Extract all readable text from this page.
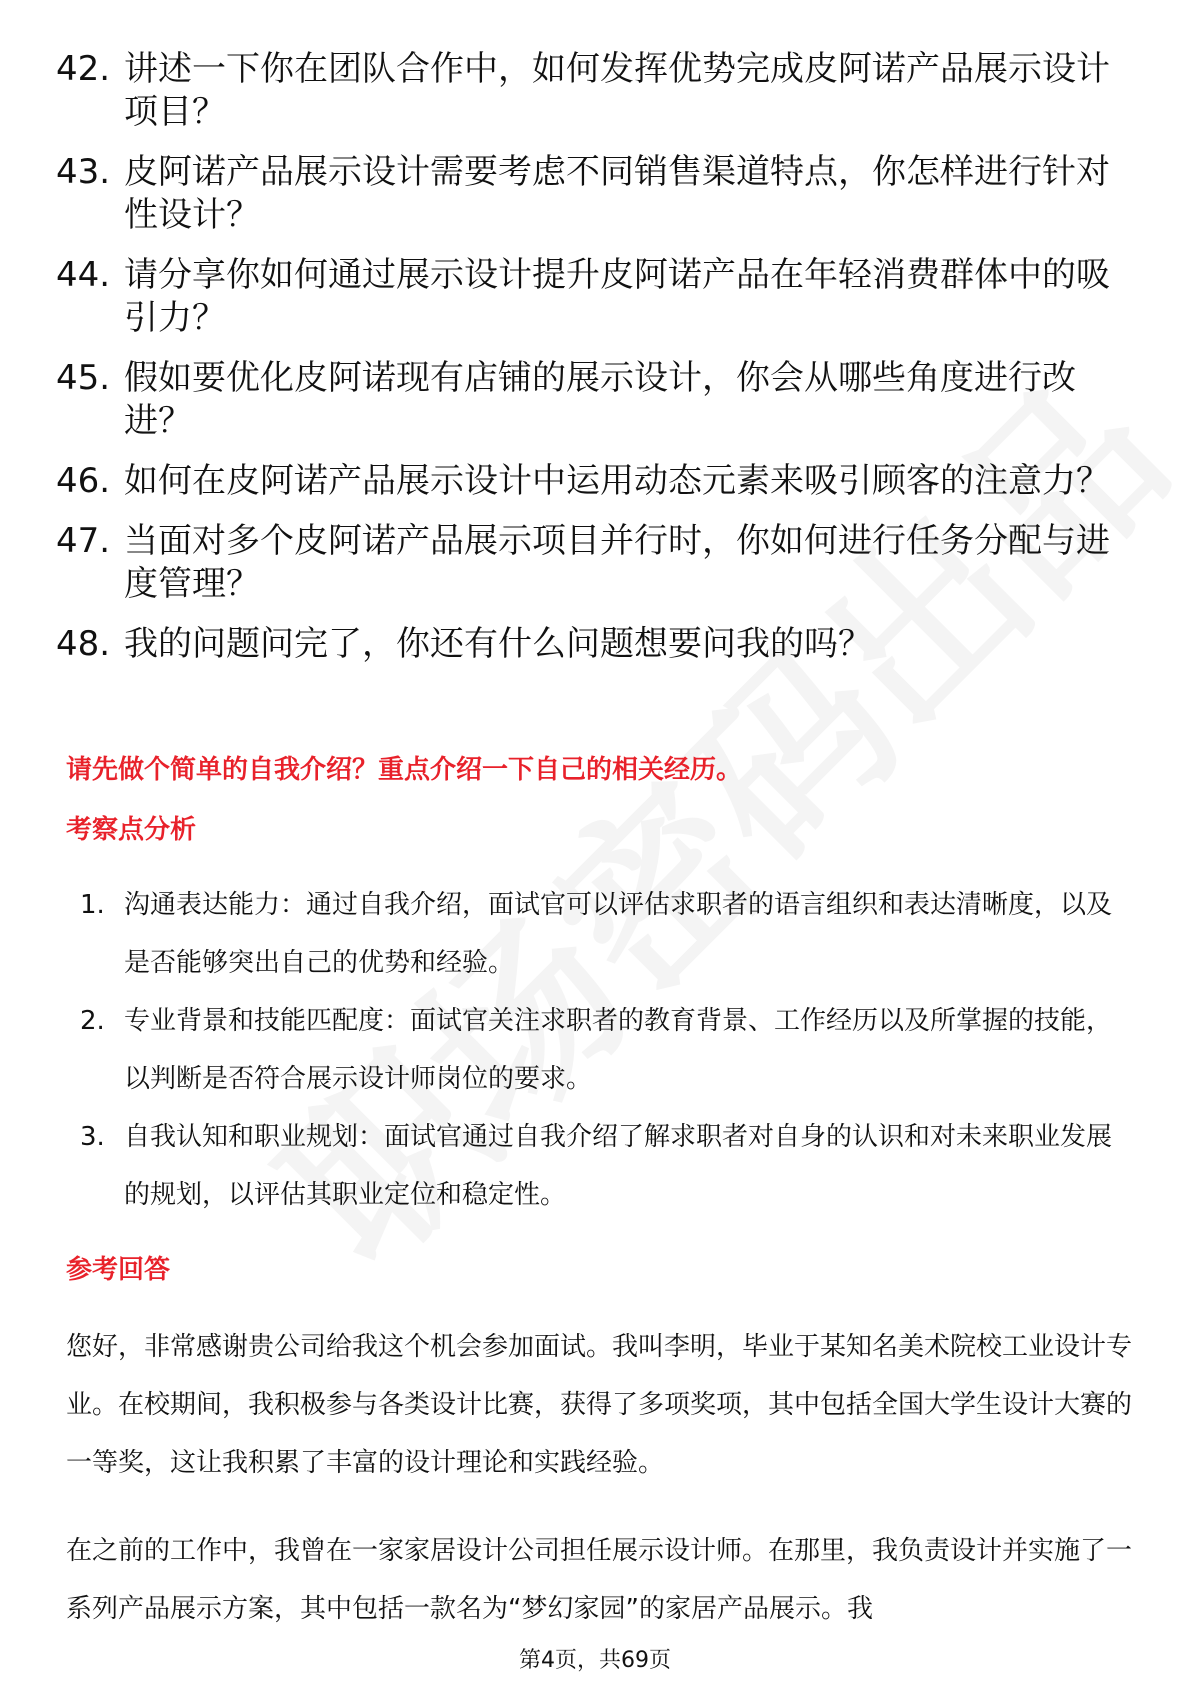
42. 讲述一下你在团队合作中，如何发挥优势完成皮阿诺产品展示设计项目？
43. 皮阿诺产品展示设计需要考虑不同销售渠道特点，你怎样进行针对性设计？
44. 请分享你如何通过展示设计提升皮阿诺产品在年轻消费群体中的吸引力？
45. 假如要优化皮阿诺现有店铺的展示设计，你会从哪些角度进行改进？
46. 如何在皮阿诺产品展示设计中运用动态元素来吸引顾客的注意力？
47. 当面对多个皮阿诺产品展示项目并行时，你如何进行任务分配与进度管理？
48. 我的问题问完了，你还有什么问题想要问我的吗？
请先做个简单的自我介绍？重点介绍一下自己的相关经历。
考察点分析
1. 沟通表达能力：通过自我介绍，面试官可以评估求职者的语言组织和表达清晰度，以及是否能够突出自己的优势和经验。
2. 专业背景和技能匹配度：面试官关注求职者的教育背景、工作经历以及所掌握的技能，以判断是否符合展示设计师岗位的要求。
3. 自我认知和职业规划：面试官通过自我介绍了解求职者对自身的认识和对未来职业发展的规划，以评估其职业定位和稳定性。
参考回答
您好，非常感谢贵公司给我这个机会参加面试。我叫李明，毕业于某知名美术院校工业设计专业。在校期间，我积极参与各类设计比赛，获得了多项奖项，其中包括全国大学生设计大赛的一等奖，这让我积累了丰富的设计理论和实践经验。
在之前的工作中，我曾在一家家居设计公司担任展示设计师。在那里，我负责设计并实施了一系列产品展示方案，其中包括一款名为“梦幻家园”的家居产品展示。我
第4页，共69页
